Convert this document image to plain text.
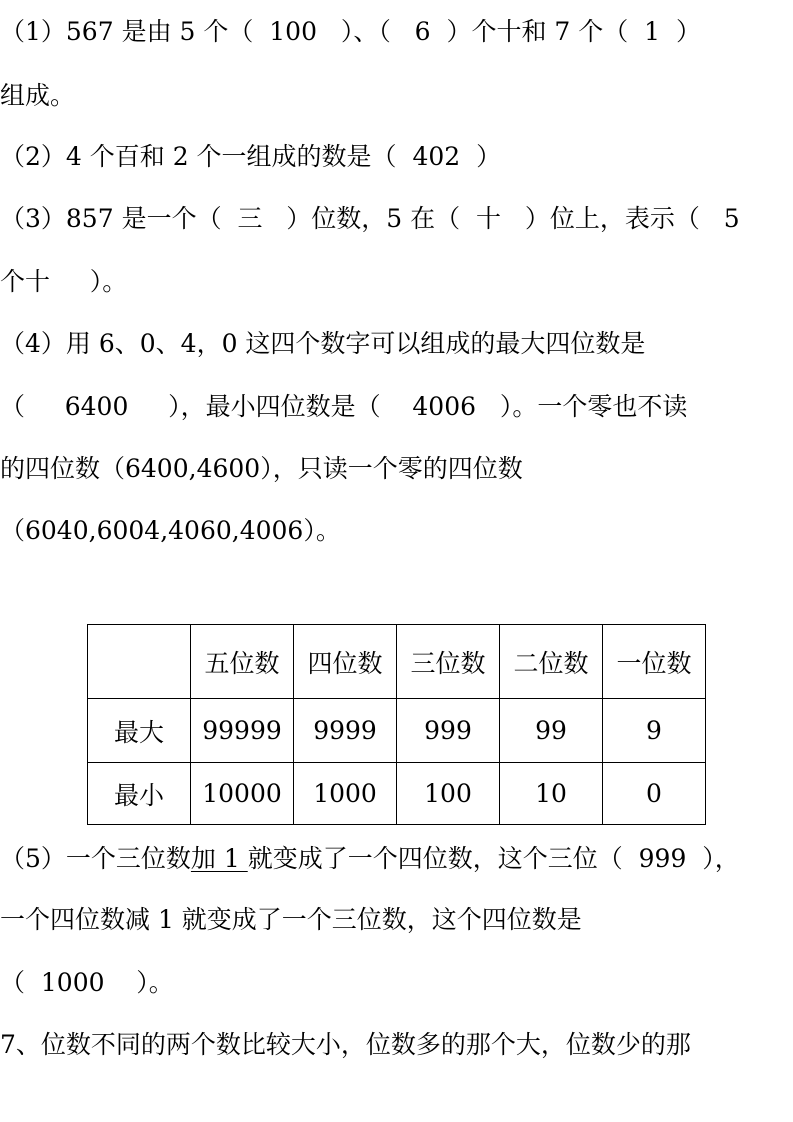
（1）567 是由 5 个（  100   ）、（   6  ）个十和 7 个（  1  ）
组成。
（2）4 个百和 2 个一组成的数是（  402  ）
（3）857 是一个（  三   ）位数，5 在（  十   ）位上，表示（   5
个十     ）。
（4）用 6、0、4，0 这四个数字可以组成的最大四位数是
（     6400     ），最小四位数是（    4006   ）。一个零也不读
的四位数（6400,4600），只读一个零的四位数
（6040,6004,4060,4006）。
	五位数	四位数	三位数	二位数	一位数
最大	99999	9999	999	99	9
最小	10000	1000	100	10	0
（5）一个三位数加 1 就变成了一个四位数，这个三位（  999  ），
一个四位数减 1 就变成了一个三位数，这个四位数是
（  1000    ）。
7、位数不同的两个数比较大小，位数多的那个大，位数少的那
